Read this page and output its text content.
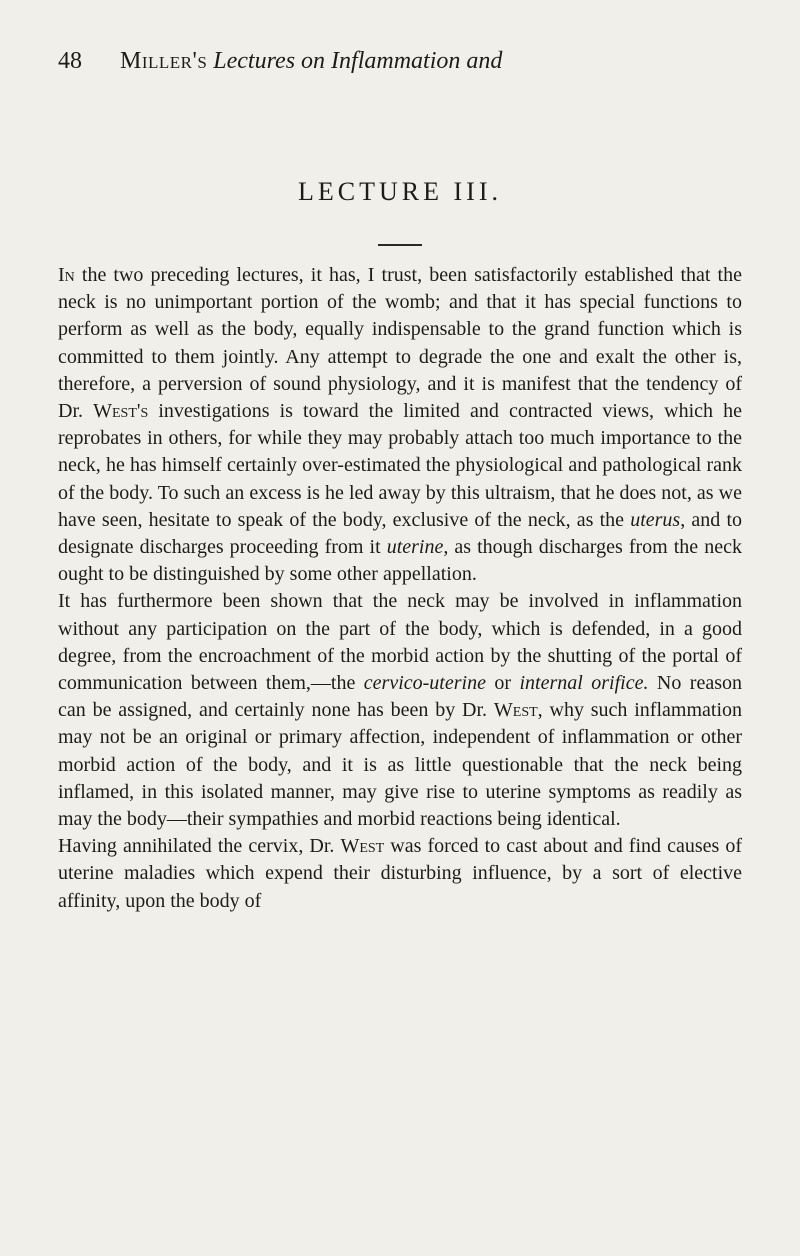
48 Miller's Lectures on Inflammation and
LECTURE III.

In the two preceding lectures, it has, I trust, been satisfactorily established that the neck is no unimportant portion of the womb; and that it has special functions to perform as well as the body, equally indispensable to the grand function which is committed to them jointly. Any attempt to degrade the one and exalt the other is, therefore, a perversion of sound physiology, and it is manifest that the tendency of Dr. West's investigations is toward the limited and contracted views, which he reprobates in others, for while they may probably attach too much importance to the neck, he has himself certainly over-estimated the physiological and pathological rank of the body. To such an excess is he led away by this ultraism, that he does not, as we have seen, hesitate to speak of the body, exclusive of the neck, as the uterus, and to designate discharges proceeding from it uterine, as though discharges from the neck ought to be distinguished by some other appellation.

It has furthermore been shown that the neck may be involved in inflammation without any participation on the part of the body, which is defended, in a good degree, from the encroachment of the morbid action by the shutting of the portal of communication between them,—the cervico-uterine or internal orifice. No reason can be assigned, and certainly none has been by Dr. West, why such inflammation may not be an original or primary affection, independent of inflammation or other morbid action of the body, and it is as little questionable that the neck being inflamed, in this isolated manner, may give rise to uterine symptoms as readily as may the body—their sympathies and morbid reactions being identical.

Having annihilated the cervix, Dr. West was forced to cast about and find causes of uterine maladies which expend their disturbing influence, by a sort of elective affinity, upon the body of
